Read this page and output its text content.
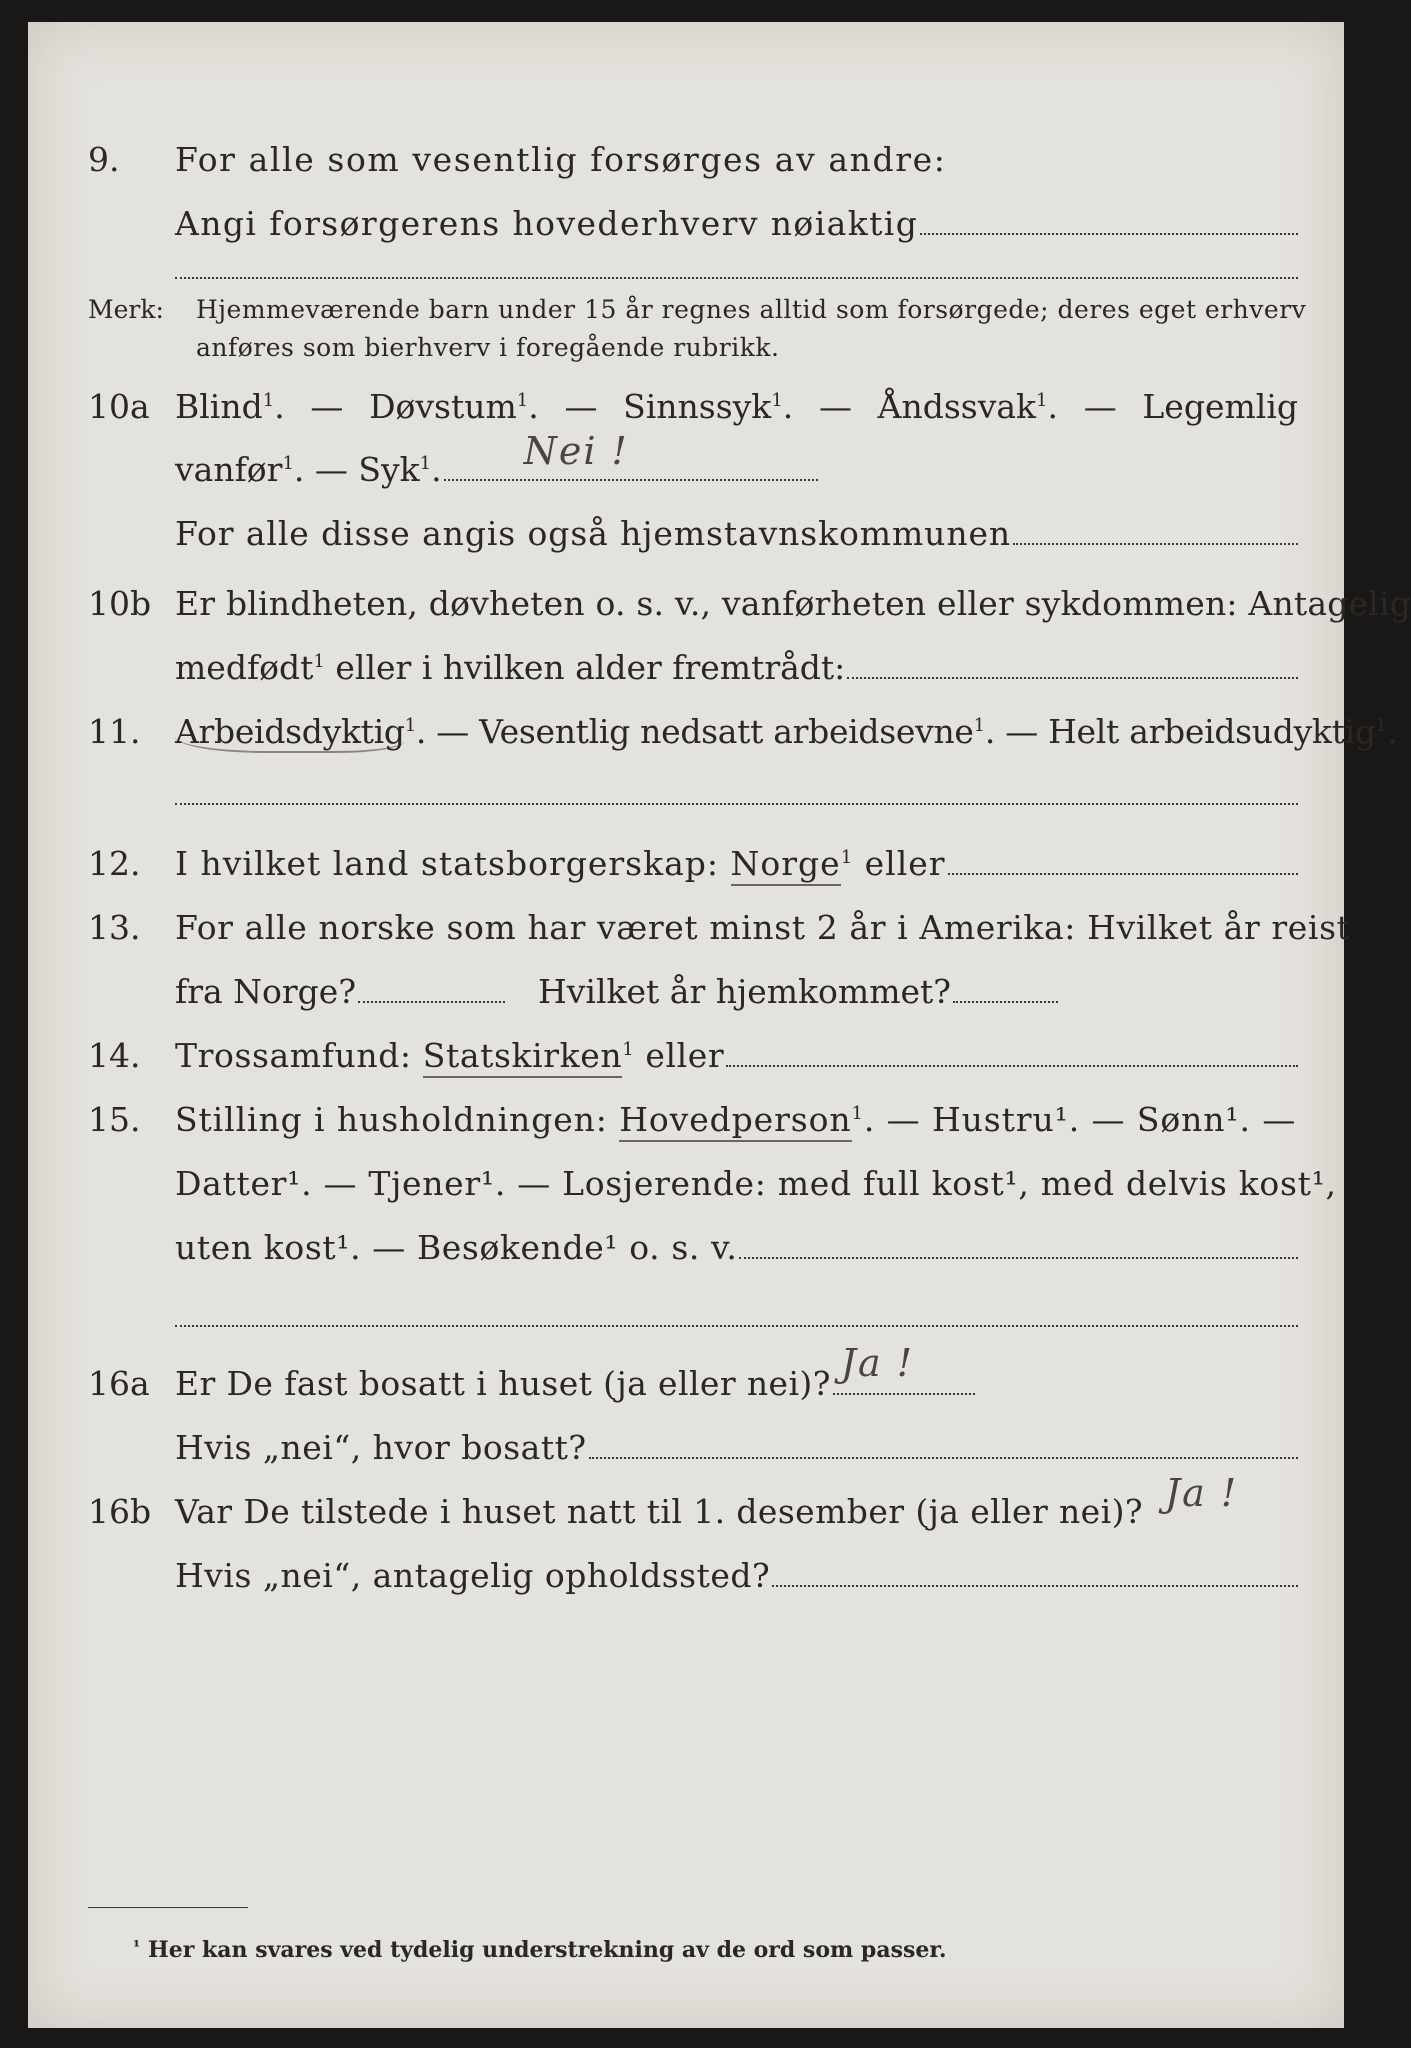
9. For alle som vesentlig forsørges av andre:
Angi forsørgerens hovederhverv nøiaktig
Merk: Hjemmeværende barn under 15 år regnes alltid som forsørgede; deres eget erhverv
anføres som bierhverv i foregående rubrikk.
10a Blind$^1$. — Døvstum$^1$. — Sinnssyk$^1$. — Åndssvak$^1$. — Legemlig
vanfør$^1$. — Syk$^1$. Nei !
For alle disse angis også hjemstavnskommunen
10b Er blindheten, døvheten o. s. v., vanførheten eller sykdommen: Antagelig
medfødt$^1$ eller i hvilken alder fremtrådt:
11. Arbeidsdyktig$^1$. — Vesentlig nedsatt arbeidsevne$^1$. — Helt arbeidsudyktig$^1$.
12. I hvilket land statsborgerskap: Norge$^1$ eller
13. For alle norske som har været minst 2 år i Amerika: Hvilket år reist
fra Norge?	Hvilket år hjemkommet?
14. Trossamfund: Statskirken$^1$ eller
15. Stilling i husholdningen: Hovedperson$^1$. — Hustru¹. — Sønn¹. —
Datter¹. — Tjener¹. — Losjerende: med full kost¹, med delvis kost¹,
uten kost¹. — Besøkende¹ o. s. v.
16a Er De fast bosatt i huset (ja eller nei)? Ja !
Hvis „nei“, hvor bosatt?
16b Var De tilstede i huset natt til 1. desember (ja eller nei)? Ja !
Hvis „nei“, antagelig opholdssted?
$^{^1}$ Her kan svares ved tydelig understrekning av de ord som passer.
